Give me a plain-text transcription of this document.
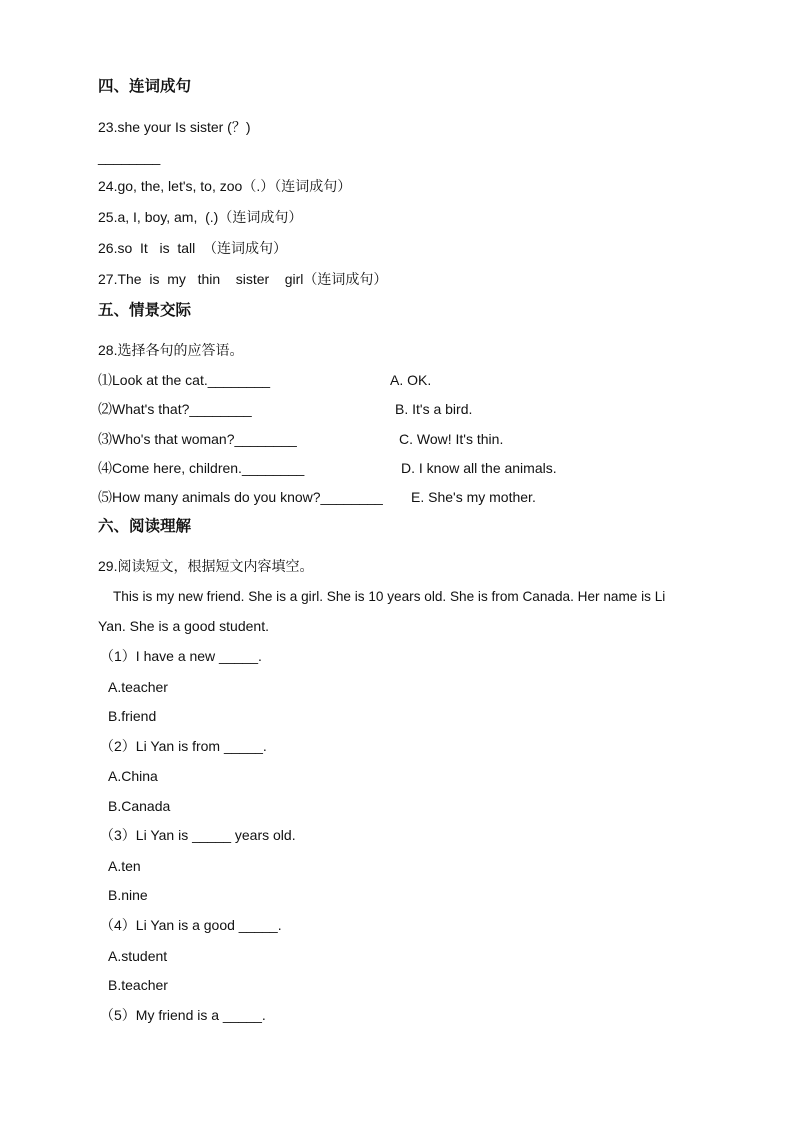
四、连词成句
23.she your Is sister (？)
________
24.go, the, let's, to, zoo（.）（连词成句）
25.a, I, boy, am,  (.)（连词成句）
26.so  It   is  tall  （连词成句）
27.The  is  my   thin    sister    girl（连词成句）
五、情景交际
28.选择各句的应答语。
⑴Look at the cat.________	A. OK.
⑵What's that?________	B. It's a bird.
⑶Who's that woman?________	C. Wow! It's thin.
⑷Come here, children.________	D. I know all the animals.
⑸How many animals do you know?________ E. She's my mother.
六、阅读理解
29.阅读短文，根据短文内容填空。
This is my new friend. She is a girl. She is 10 years old. She is from Canada. Her name is Li
Yan. She is a good student.
（1）I have a new _____.
A.teacher
B.friend
（2）Li Yan is from _____.
A.China
B.Canada
（3）Li Yan is _____ years old.
A.ten
B.nine
（4）Li Yan is a good _____.
A.student
B.teacher
（5）My friend is a _____.
